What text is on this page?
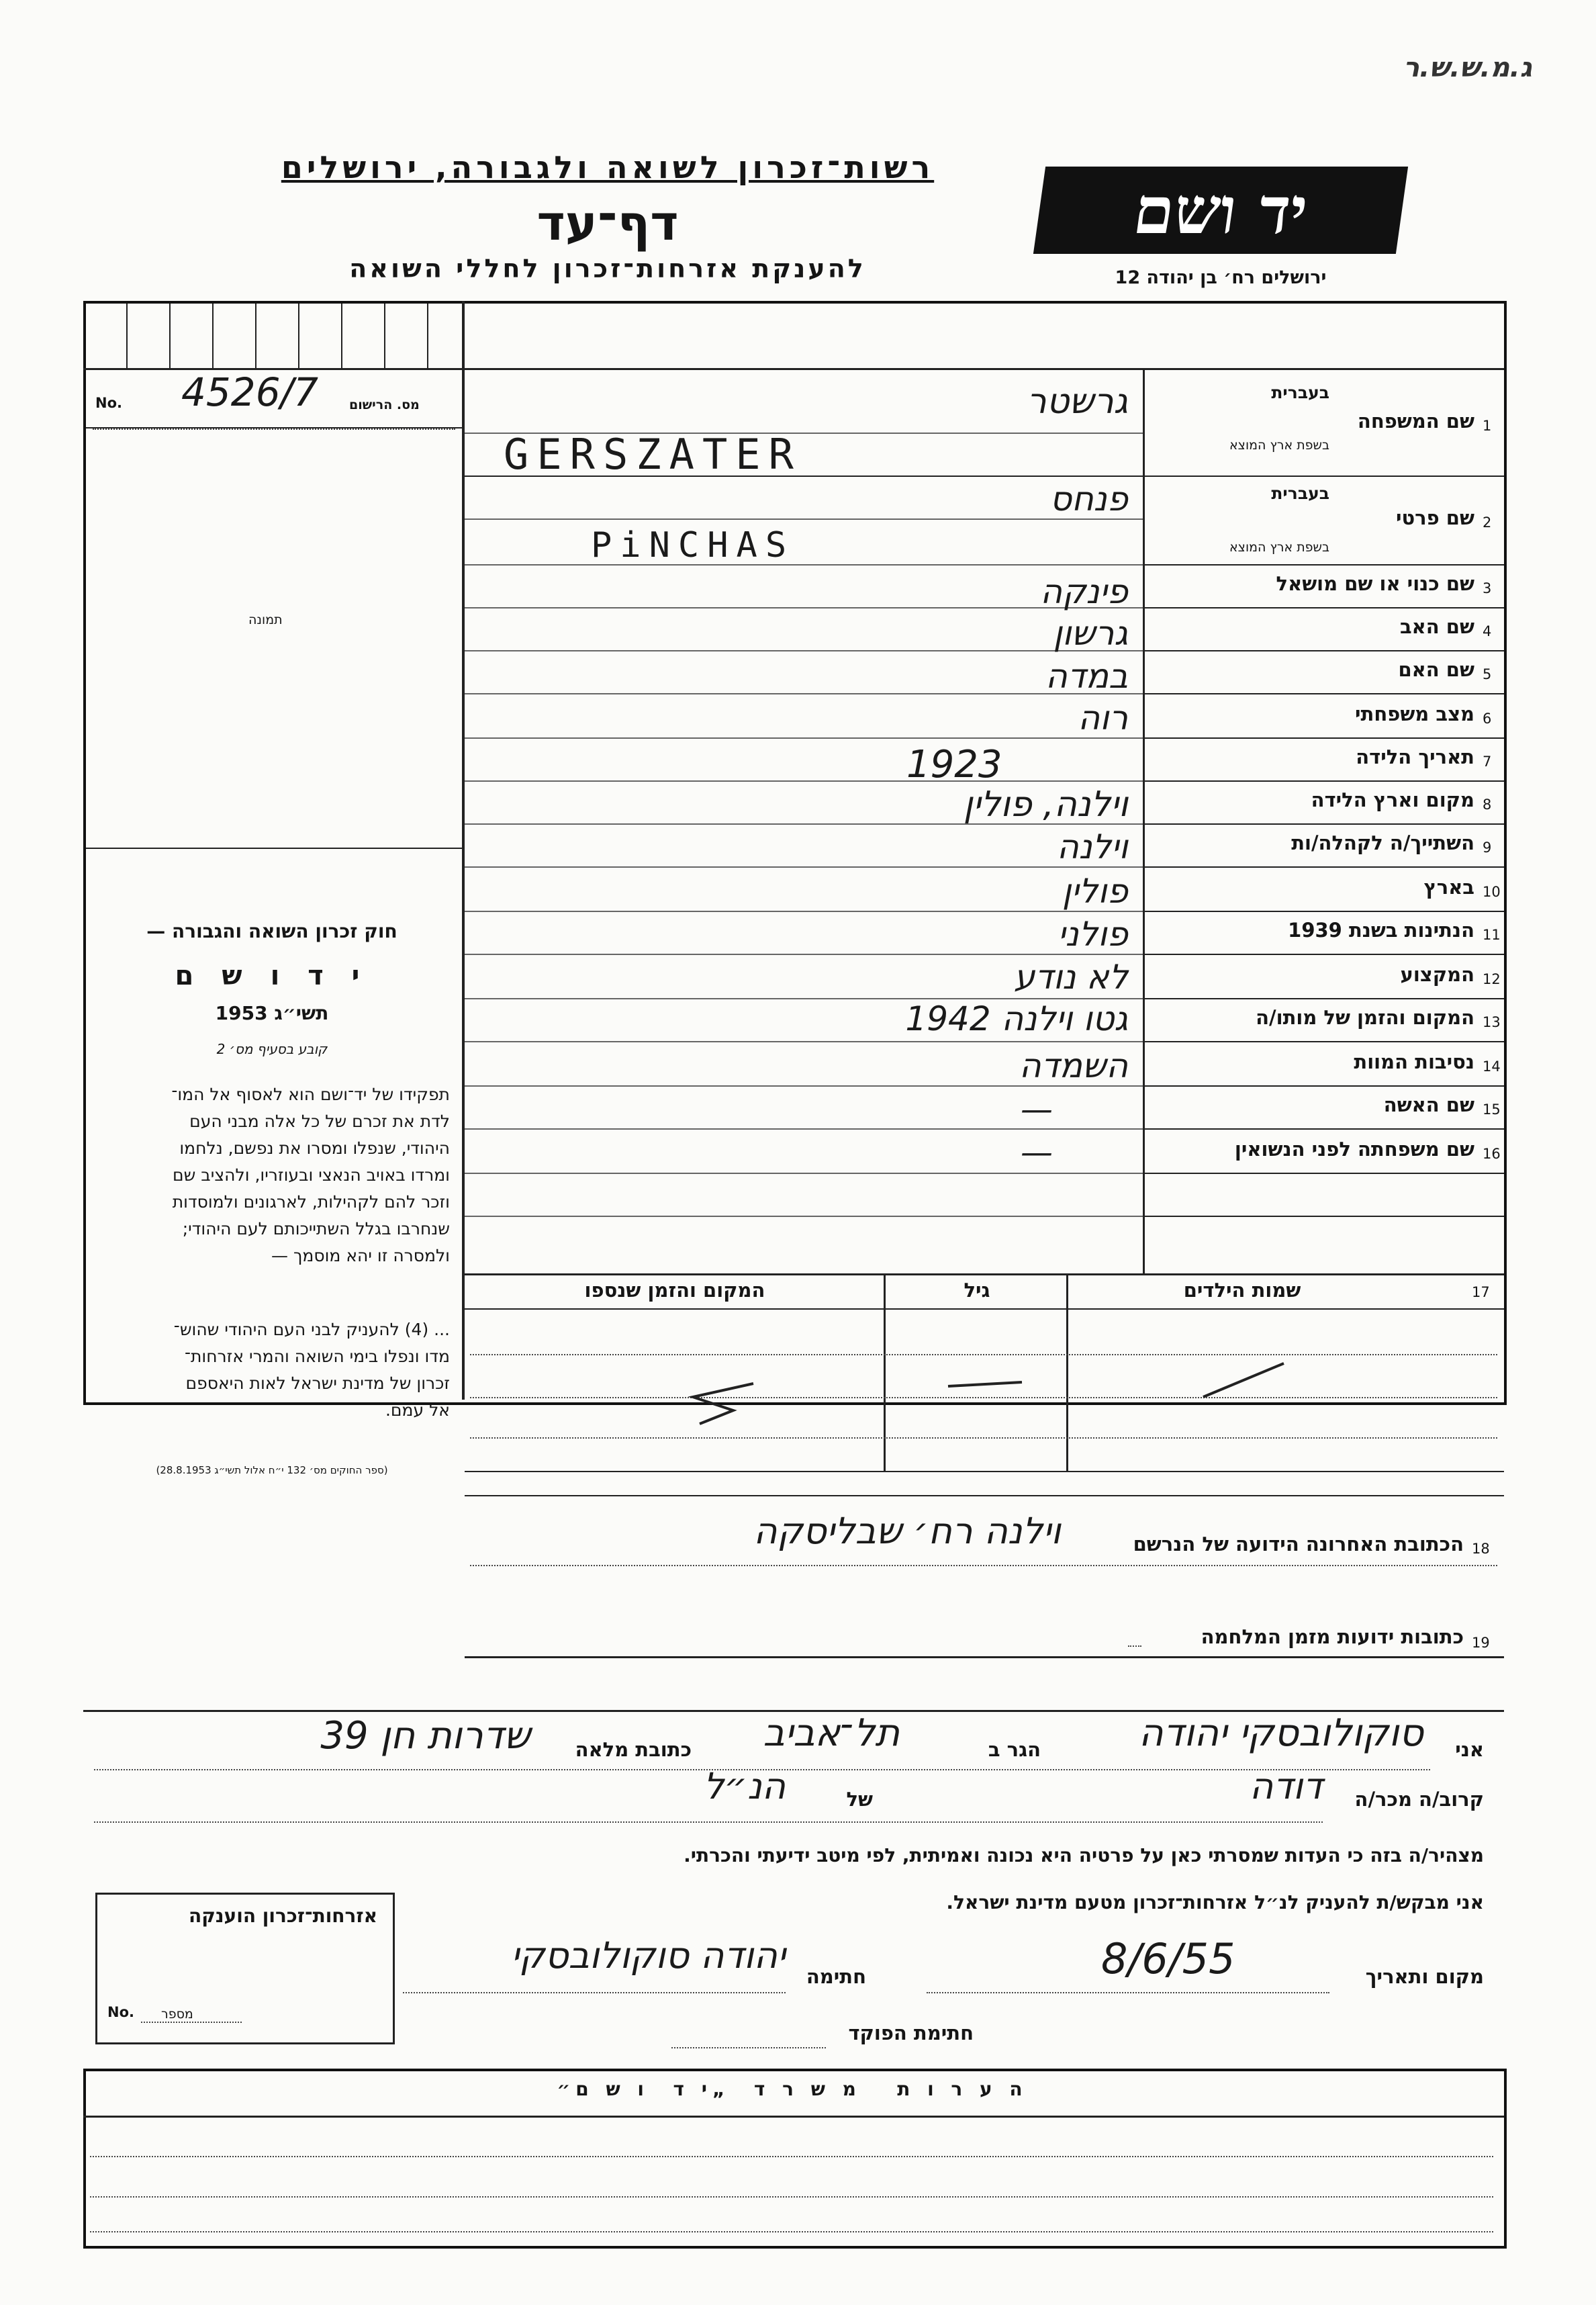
ג.מ.ש.ש.ר
רשות־זכרון לשואה ולגבורה, ירושלים
דף־עד
להענקת אזרחות־זכרון לחללי השואה
יד ושם
ירושלים רח׳ בן יהודה 12
No. 4526/7 מס. הרישום
תמונה
חוק זכרון השואה והגבורה —
י ד ו ש ם
תשי״ג 1953
קובע בסעיף מס׳ 2
תפקידו של יד־ושם הוא לאסוף אל המו־
לדת את זכרם של כל אלה מבני העם
היהודי, שנפלו ומסרו את נפשם, נלחמו
ומרדו באויב הנאצי ובעוזריו, ולהציב שם
וזכר להם לקהילות, לארגונים ולמוסדות
שנחרבו בגלל השתייכותם לעם היהודי;
ולמסרה זו יהא מוסמך —
... (4) להעניק לבני העם היהודי שהוש־
מדו ונפלו בימי השואה והמרי אזרחות־
זכרון של מדינת ישראל לאות היאספם
אל עמם.
(ספר החוקים מס׳ 132 י״ח אלול תשי״ג 28.8.1953)
1
שם המשפחה
בעברית
בשפת ארץ המוצא
גרשטר
GERSZATER
2
שם פרטי
בעברית
בשפת ארץ המוצא
פנחס
PiNCHAS
3
שם כנוי או שם מושאל
פינקה
4
שם האב
גרשון
5
שם האם
במדה
6
מצב משפחתי
רוה
7
תאריך הלידה
1923
8
מקום וארץ הלידה
וילנה, פולין
9
השתייך/ה לקהלה/ות
וילנה
10
בארץ
פולין
11
הנתינות בשנת 1939
פולני
12
המקצוע
לא נודע
13
המקום והזמן של מותו/ה
גטו וילנה 1942
14
נסיבות המוות
השמדה
15
שם האשה
—
16
שם משפחתה לפני הנשואין
—
17
שמות הילדים
גיל
המקום והזמן שנספו
18
הכתובת האחרונה הידועה של הנרשם
וילנה רח׳ שבליסקה
19
כתובות ידועות מזמן המלחמה
אני
סוקולובסקי יהודה
הגר ב
תל־אביב
כתובת מלאה
שדרות חן 39
קרוב/ה מכר/ה
דודה
של
הנ״ל
מצהיר/ה בזה כי העדות שמסרתי כאן על פרטיה היא נכונה ואמיתית, לפי מיטב ידיעתי והכרתי.
אני מבקש/ת להעניק לנ״ל אזרחות־זכרון מטעם מדינת ישראל.
אזרחות־זכרון הוענקה
No. מספר
מקום ותאריך
8/6/55
חתימה
יהודה סוקולובסקי
חתימת הפוקד
ה ע ר ו ת   מ ש ר ד  „י ד  ו ש ם״
